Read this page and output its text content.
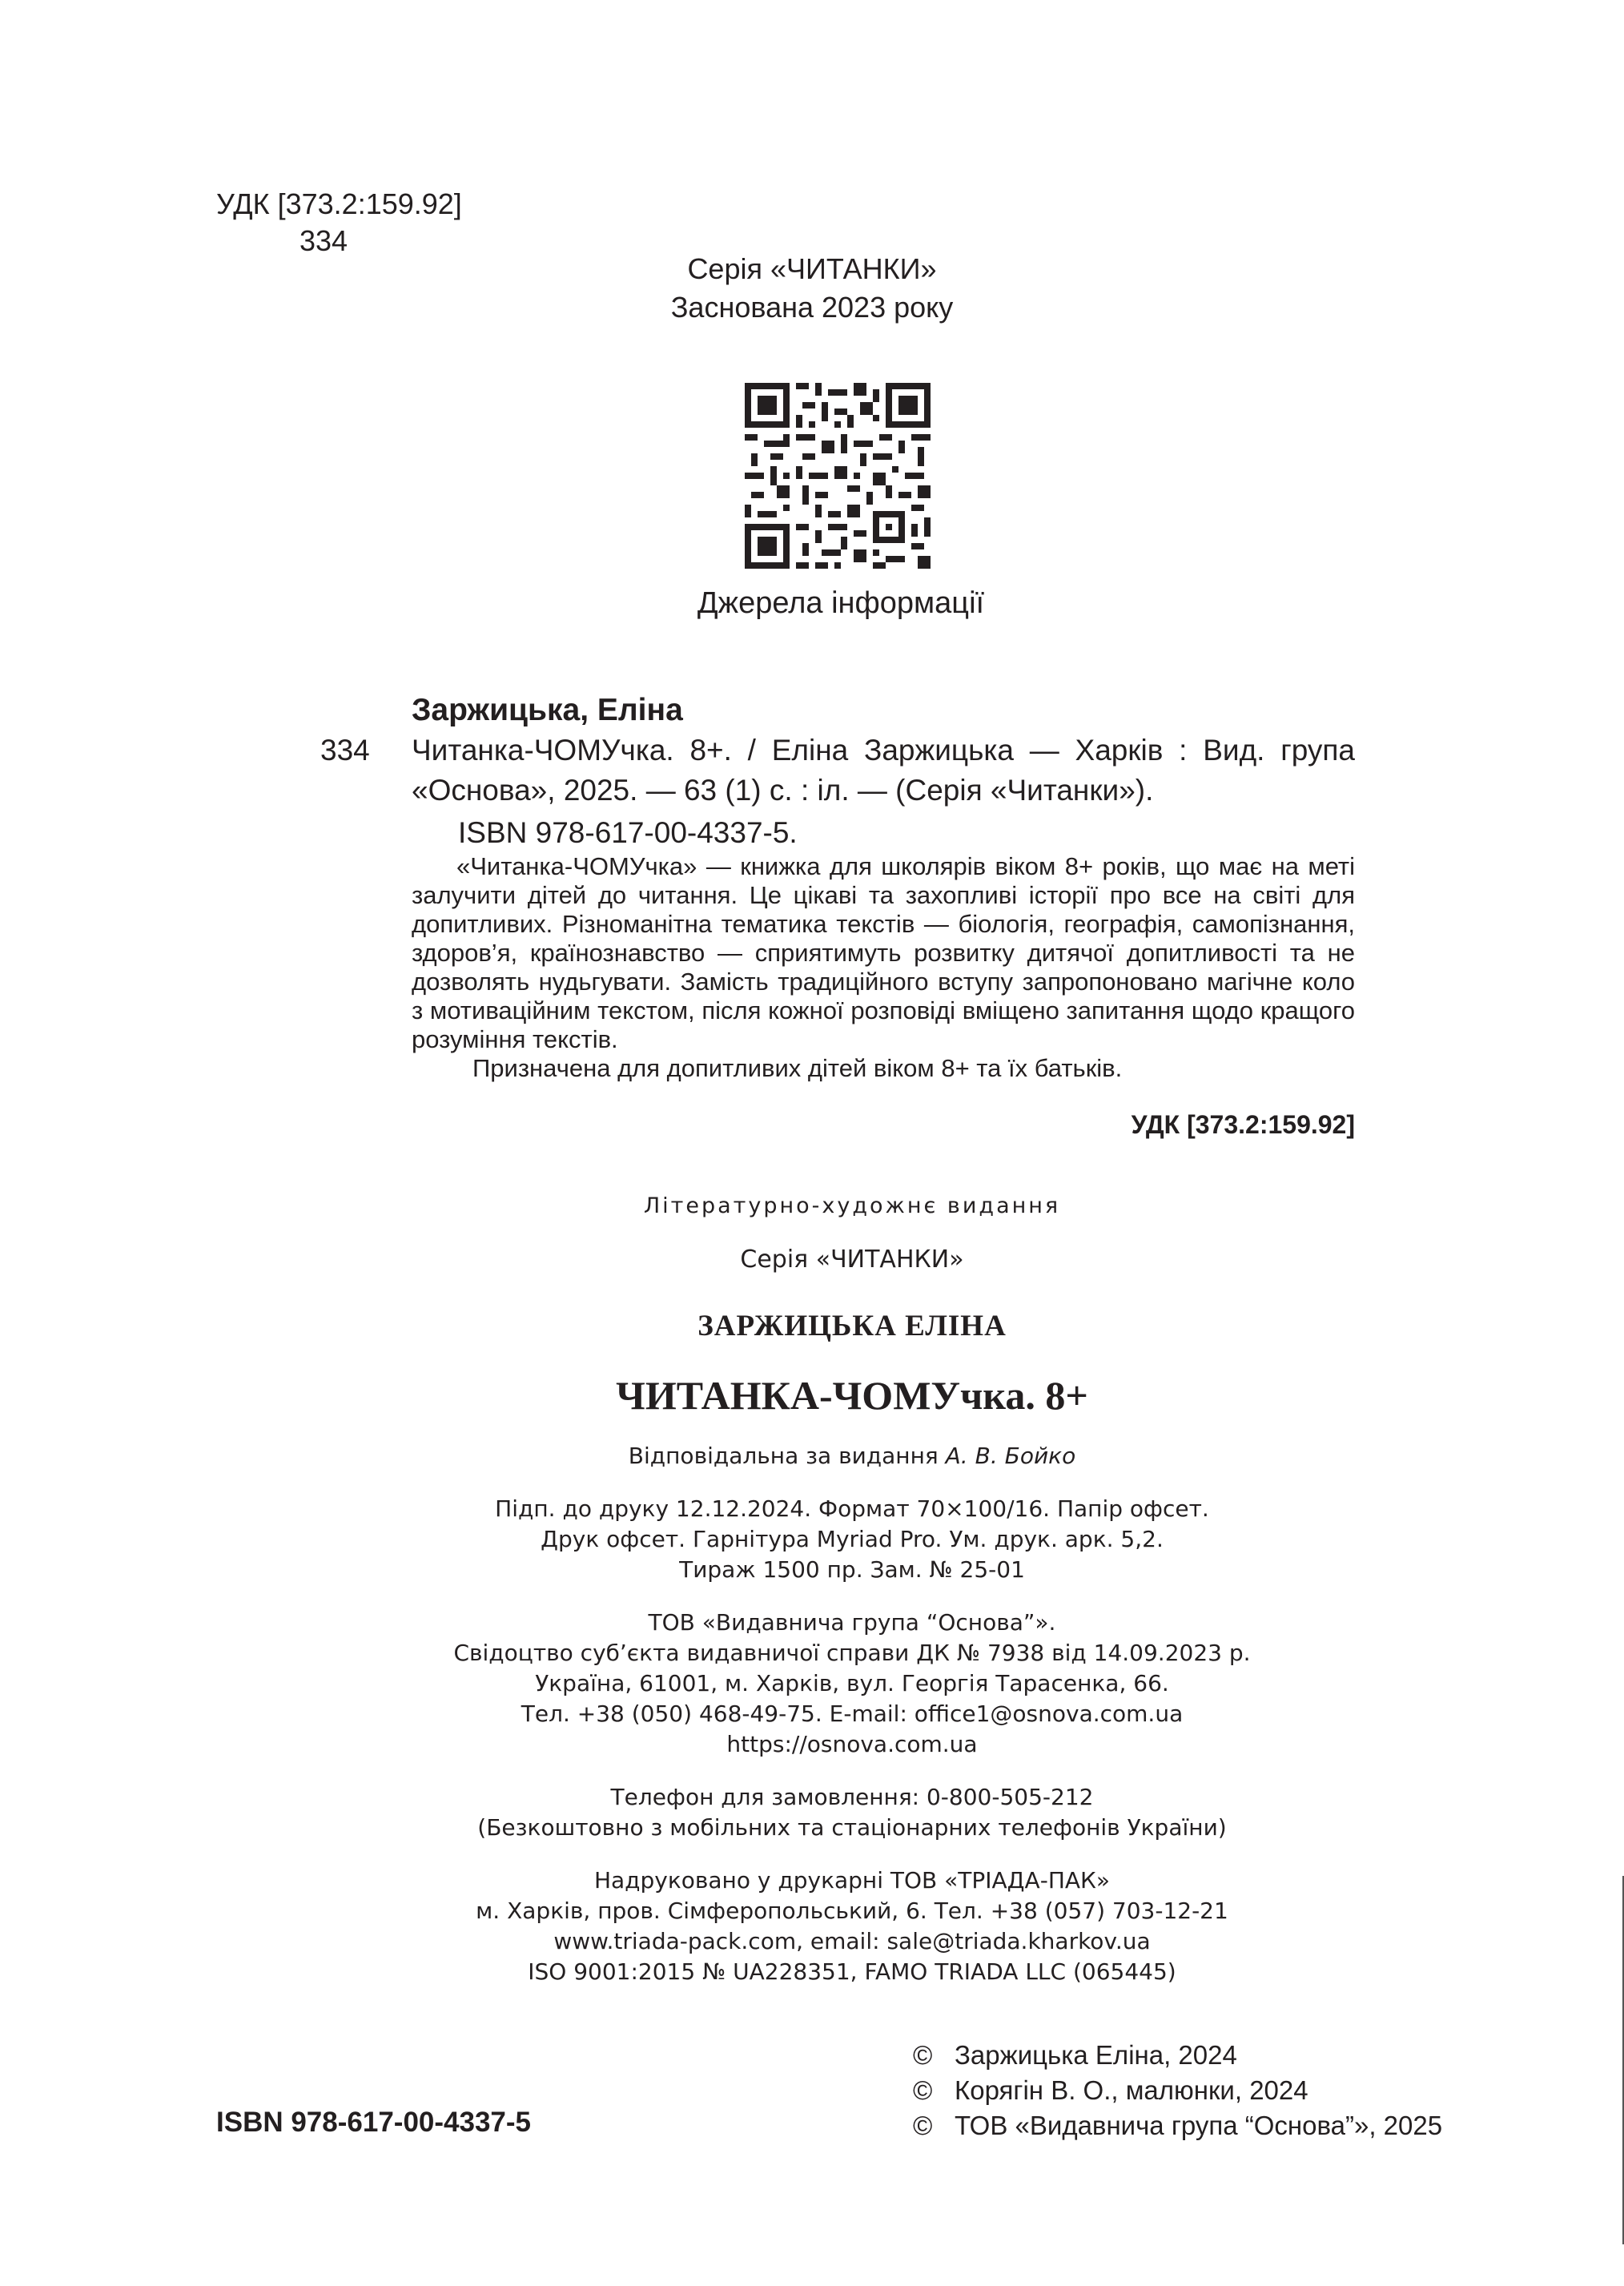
УДК [373.2:159.92]
334
Серія «ЧИТАНКИ»
Заснована 2023 року
Джерела інформації
Заржицька, Еліна
334	Читанка-ЧОМУчка. 8+. / Еліна Заржицька — Харків : Вид. група «Основа», 2025. — 63 (1) с. : іл. — (Серія «Читанки»).
ISBN 978-617-00-4337-5.

«Читанка-ЧОМУчка» — книжка для школярів віком 8+ років, що має на меті залучити дітей до читання. Це цікаві та захопливі історії про все на світі для допитливих. Різноманітна тематика текстів — біологія, географія, самопізнання, здоров’я, країнознавство — сприятимуть розвитку дитячої допитливості та не дозволять нудьгувати. Замість традиційного вступу запропоновано магічне коло з мотиваційним текстом, після кожної розповіді вміщено запитання щодо кращого розуміння текстів.

Призначена для допитливих дітей віком 8+ та їх батьків.

УДК [373.2:159.92]
Літературно-художнє видання
Серія «ЧИТАНКИ»
ЗАРЖИЦЬКА ЕЛІНА
ЧИТАНКА-ЧОМУчка. 8+
Відповідальна за видання А. В. Бойко
Підп. до друку 12.12.2024. Формат 70×100/16. Папір офсет.
Друк офсет. Гарнітура Myriad Pro. Ум. друк. арк. 5,2.
Тираж 1500 пр. Зам. № 25-01
ТОВ «Видавнича група “Основа”».
Свідоцтво суб’єкта видавничої справи ДК № 7938 від 14.09.2023 р.
Україна, 61001, м. Харків, вул. Георгія Тарасенка, 66.
Тел. +38 (050) 468-49-75. E-mail: office1@osnova.com.ua
https://osnova.com.ua
Телефон для замовлення: 0-800-505-212
(Безкоштовно з мобільних та стаціонарних телефонів України)
Надруковано у друкарні ТОВ «ТРІАДА-ПАК»
м. Харків, пров. Сімферопольський, 6. Тел. +38 (057) 703-12-21
www.triada-pack.com, email: sale@triada.kharkov.ua
ISO 9001:2015 № UA228351, FAMO TRIADA LLC (065445)
© Заржицька Еліна, 2024
© Корягін В. О., малюнки, 2024
© ТОВ «Видавнича група “Основа”», 2025
ISBN 978-617-00-4337-5
